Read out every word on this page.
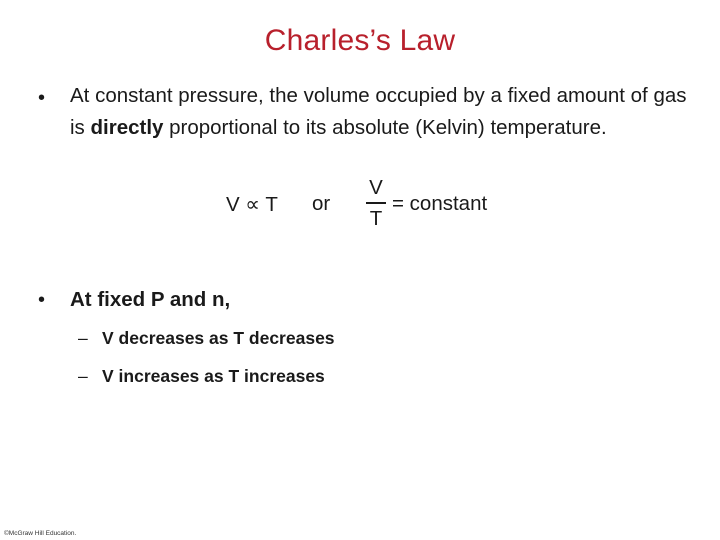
Charles’s Law
• At constant pressure, the volume occupied by a fixed amount of gas is directly proportional to its absolute (Kelvin) temperature.
V ∝ T or
V
T
= constant
• At fixed P and n,
– V decreases as T decreases
– V increases as T increases
©McGraw Hill Education.
